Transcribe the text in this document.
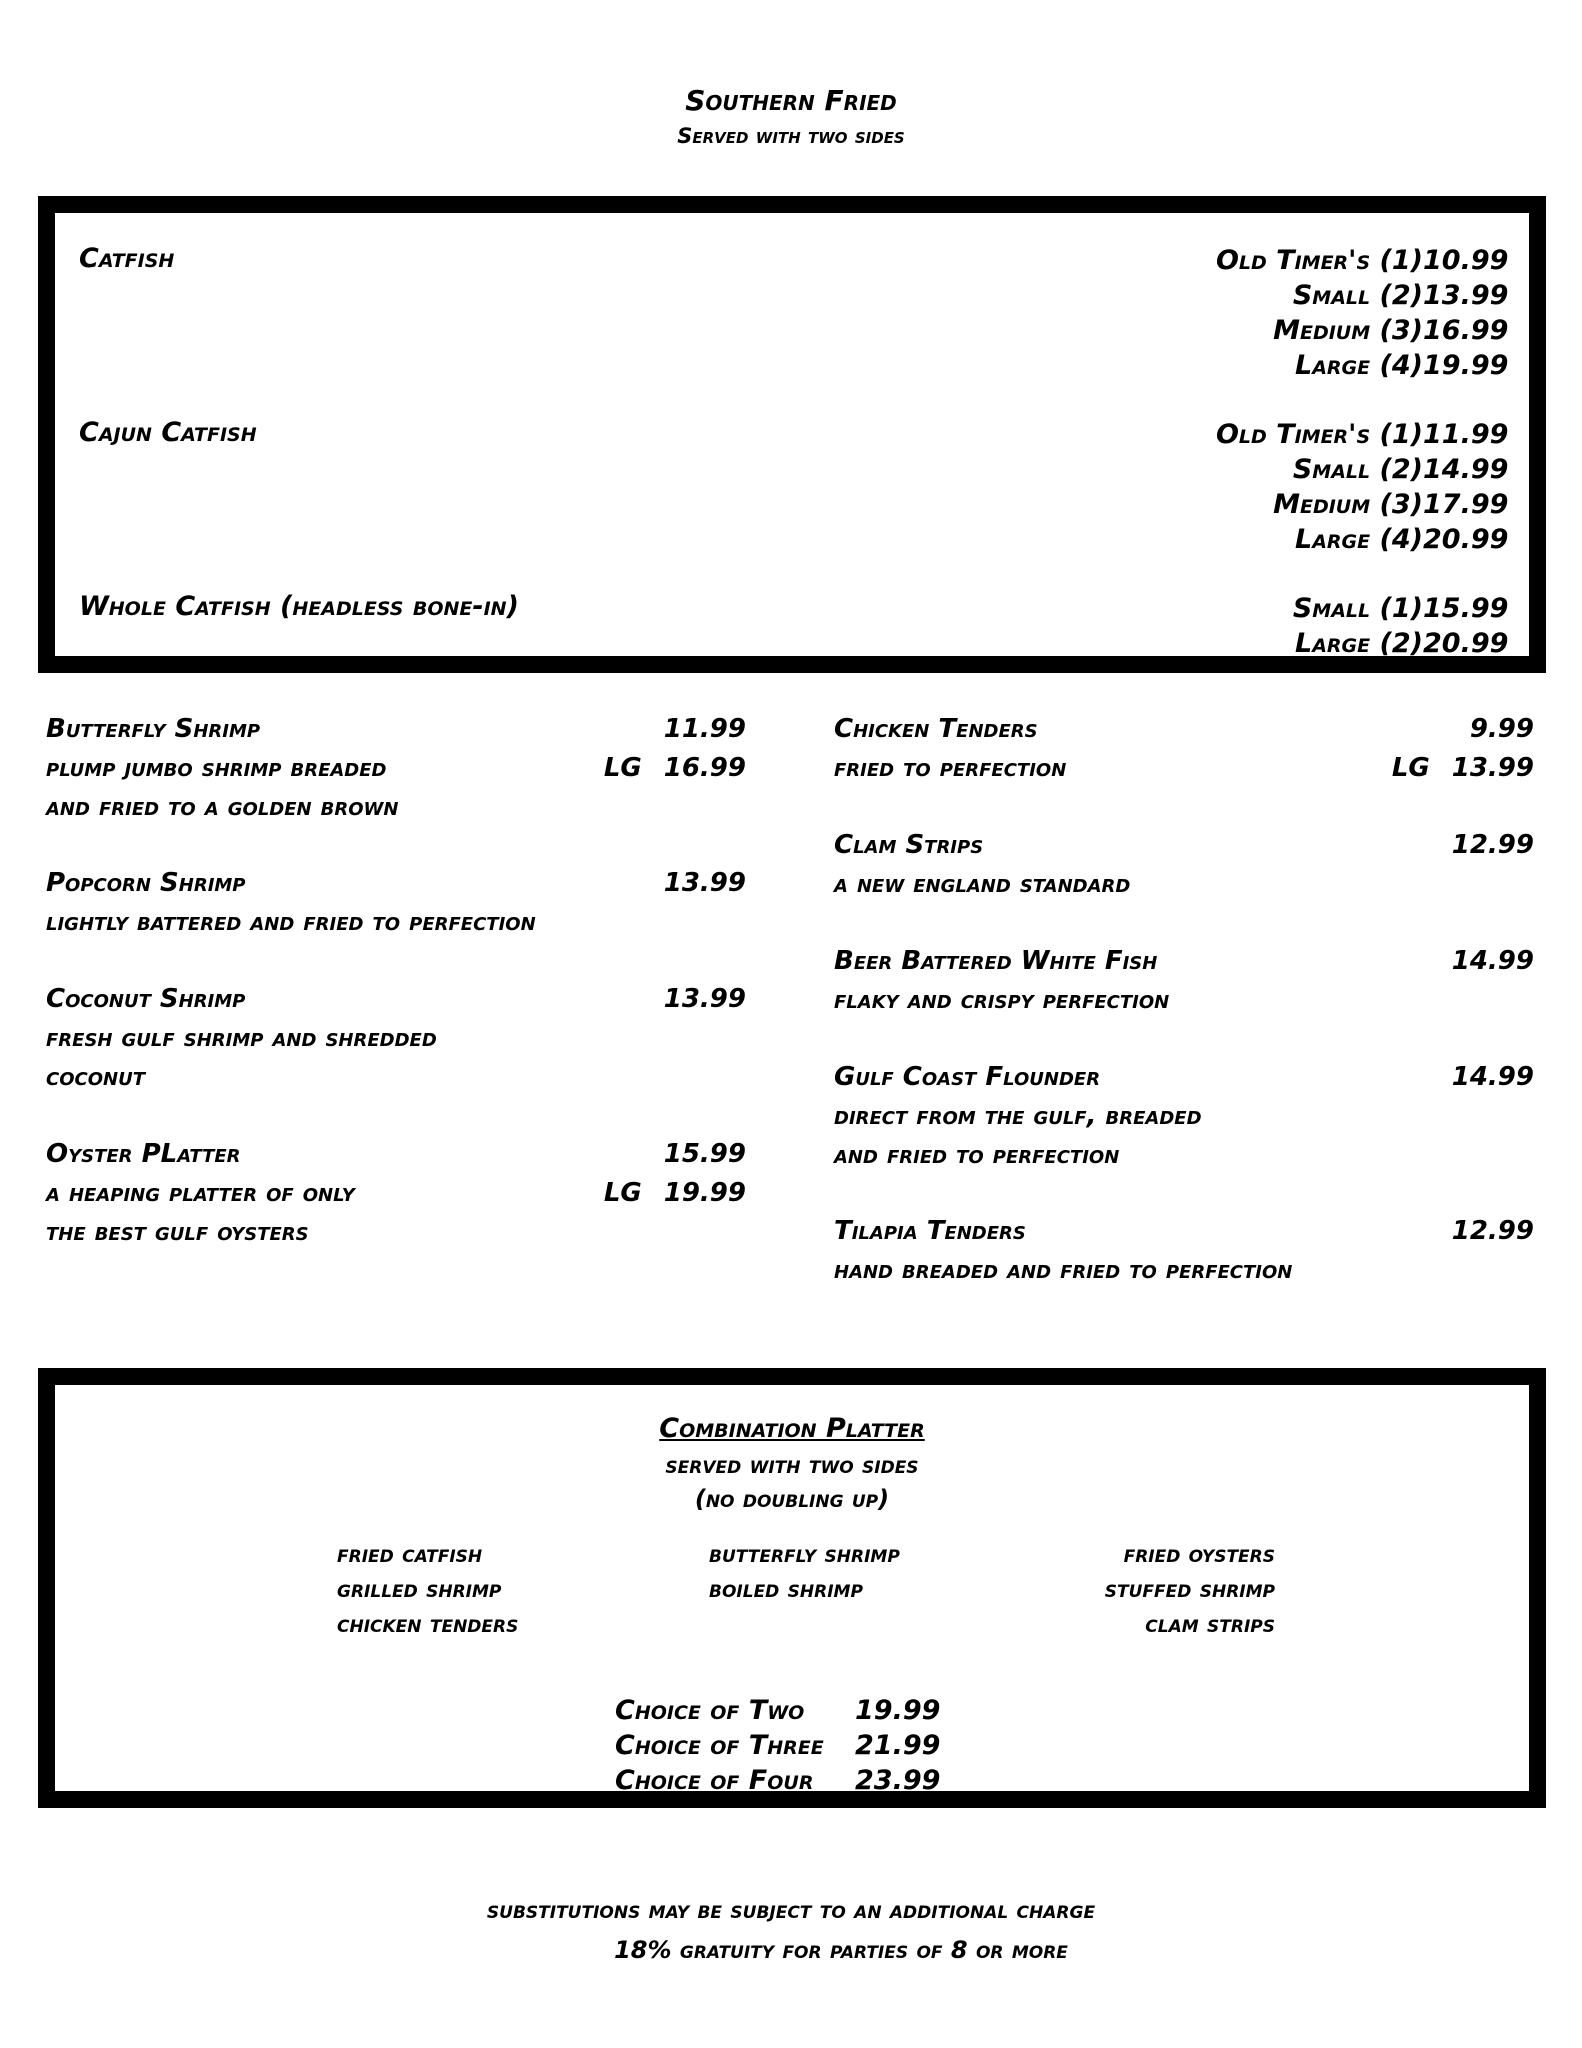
Southern Fried
Served with two sides
Catfish	Old Timer's (1)10.99
Small (2)13.99
Medium (3)16.99
Large (4)19.99
Cajun Catfish	Old Timer's (1)11.99
Small (2)14.99
Medium (3)17.99
Large (4)20.99
Whole Catfish (headless bone-in)	Small (1)15.99
Large (2)20.99
Butterfly Shrimp
plump jumbo shrimp breaded
and fried to a golden brown
11.99
LG 16.99
Popcorn Shrimp
lightly battered and fried to perfection
13.99
Coconut Shrimp
fresh gulf shrimp and shredded
coconut
13.99
Oyster PLatter
a heaping platter of only
the best gulf oysters
15.99
LG 19.99
Chicken Tenders
fried to perfection
9.99
LG 13.99
Clam Strips
a new england standard
12.99
Beer Battered White Fish
flaky and crispy perfection
14.99
Gulf Coast Flounder
direct from the gulf, breaded
and fried to perfection
14.99
Tilapia Tenders
hand breaded and fried to perfection
12.99
Combination Platter
served with two sides
(no doubling up)
fried catfish
grilled shrimp
chicken tenders
butterfly shrimp
boiled shrimp
fried oysters
stuffed shrimp
clam strips
Choice of Two 19.99
Choice of Three 21.99
Choice of Four 23.99
substitutions may be subject to an additional charge
18% gratuity for parties of 8 or more
